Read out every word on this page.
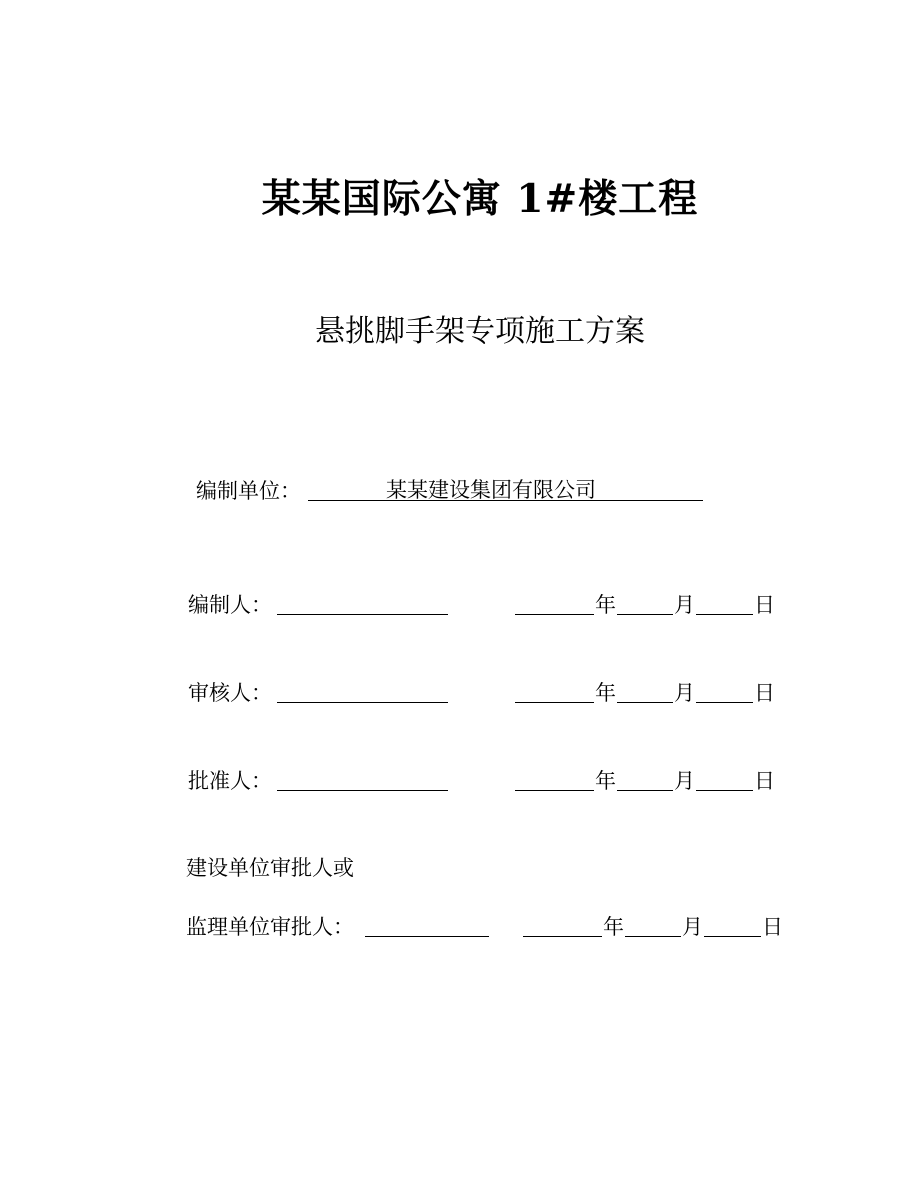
某某国际公寓 1#楼工程
悬挑脚手架专项施工方案
编制单位：	某某建设集团有限公司
编制人：	年	月	日
审核人：	年	月	日
批准人：	年	月	日
建设单位审批人或
监理单位审批人：	年	月	日
